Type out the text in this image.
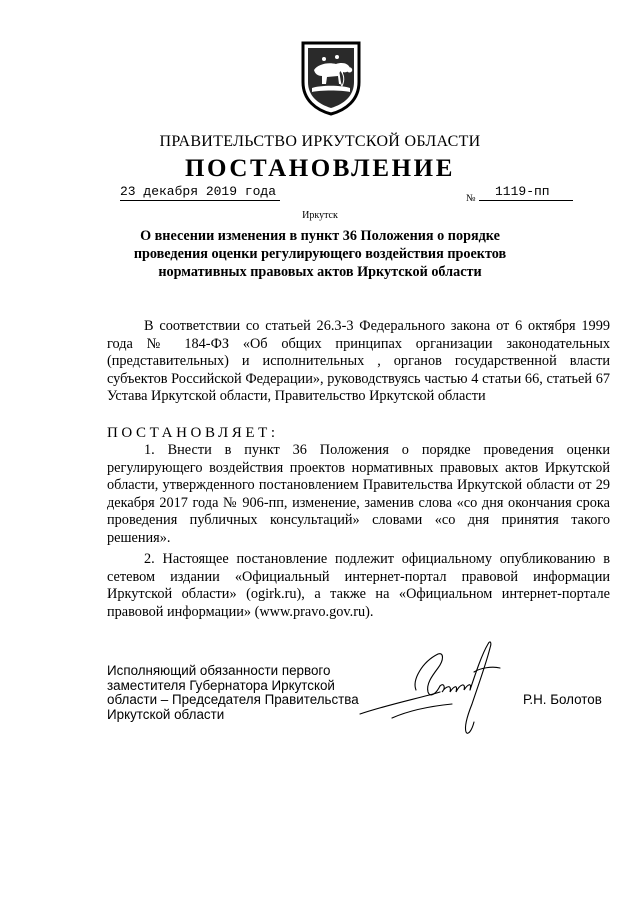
ПРАВИТЕЛЬСТВО ИРКУТСКОЙ ОБЛАСТИ
ПОСТАНОВЛЕНИЕ
23 декабря 2019 года	№	1119-пп
Иркутск
О внесении изменения в пункт 36 Положения о порядке проведения оценки регулирующего воздействия проектов нормативных правовых актов Иркутской области
В соответствии со статьей 26.3-3 Федерального закона от 6 октября 1999 года № 184-ФЗ «Об общих принципах организации законодательных (представительных) и исполнительных , органов государственной власти субъектов Российской Федерации», руководствуясь частью 4 статьи 66, статьей 67 Устава Иркутской области, Правительство Иркутской области
ПОСТАНОВЛЯЕТ:
1. Внести в пункт 36 Положения о порядке проведения оценки регулирующего воздействия проектов нормативных правовых актов Иркутской области, утвержденного постановлением Правительства Иркутской области от 29 декабря 2017 года № 906-пп, изменение, заменив слова «со дня окончания срока проведения публичных консультаций» словами «со дня принятия такого решения».
2. Настоящее постановление подлежит официальному опубликованию в сетевом издании «Официальный интернет-портал правовой информации Иркутской области» (ogirk.ru), а также на «Официальном интернет-портале правовой информации» (www.pravo.gov.ru).
Исполняющий обязанности первого
заместителя Губернатора Иркутской
области – Председателя Правительства
Иркутской области
Р.Н. Болотов
